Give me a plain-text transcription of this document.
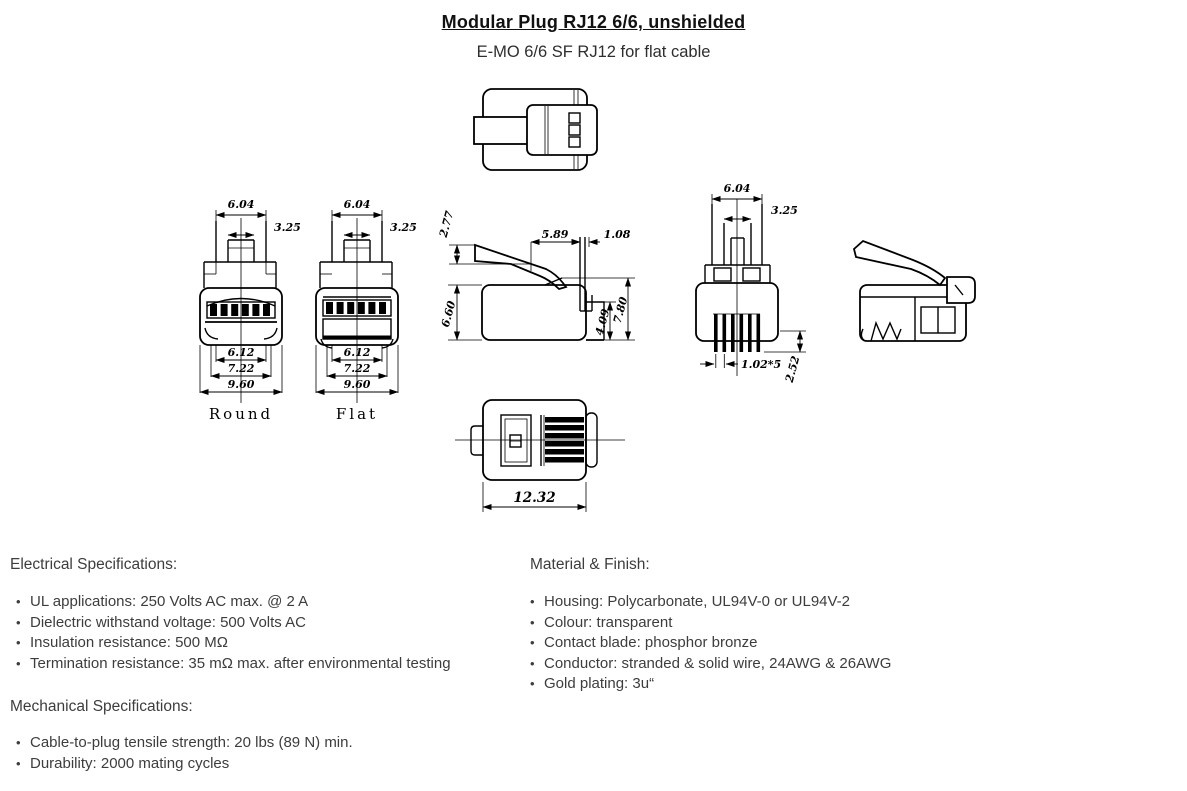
Modular Plug RJ12 6/6, unshielded
E-MO 6/6 SF RJ12 for flat cable
6.04
3.25
6.12
7.22
9.60
Round
6.04
3.25
6.12
7.22
9.60
Flat
2.77	5.89	1.08
6.60	4.09
7.80
6.04
3.25
1.02*5 2.52
12.32
Electrical Specifications:
• UL applications: 250 Volts AC max. @ 2 A
• Dielectric withstand voltage: 500 Volts AC
• Insulation resistance: 500 MΩ
• Termination resistance: 35 mΩ max. after environmental testing
Mechanical Specifications:
• Cable-to-plug tensile strength: 20 lbs (89 N) min.
• Durability: 2000 mating cycles
Material & Finish:
• Housing: Polycarbonate, UL94V-0 or UL94V-2
• Colour: transparent
• Contact blade: phosphor bronze
• Conductor: stranded & solid wire, 24AWG & 26AWG
• Gold plating: 3u“
